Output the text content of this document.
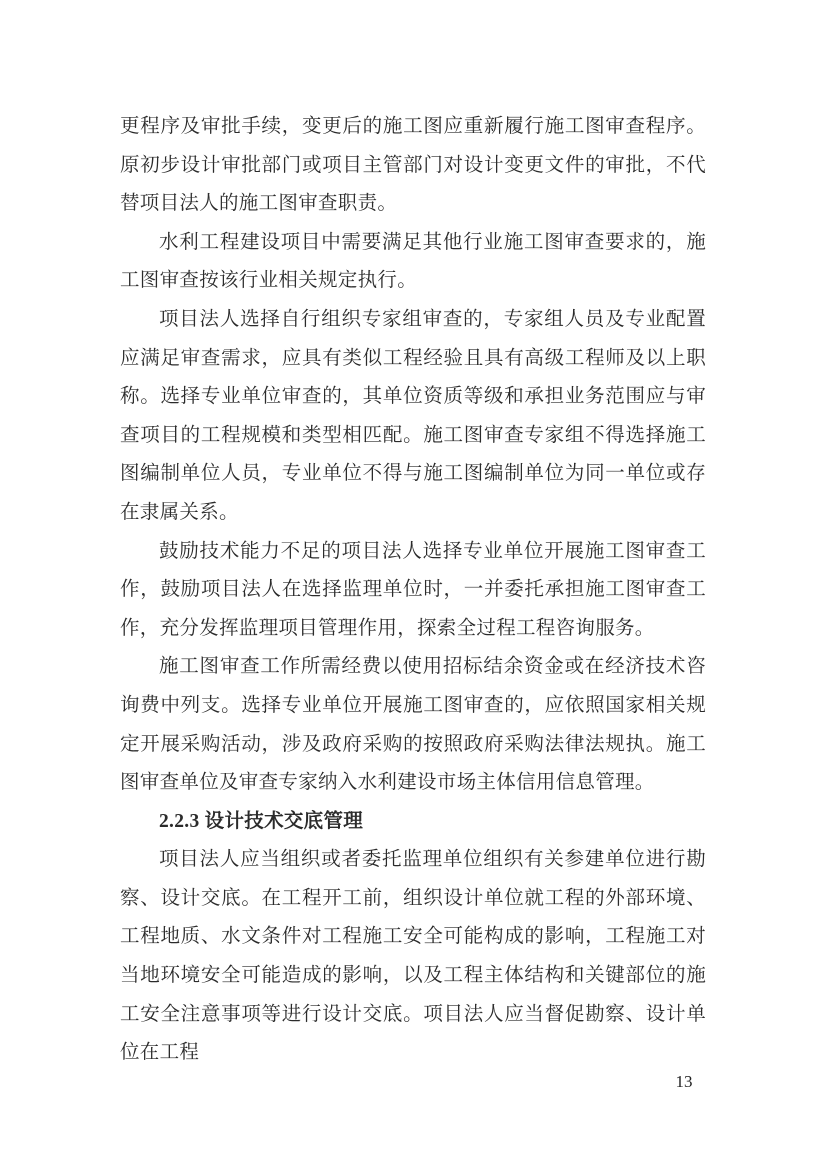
更程序及审批手续，变更后的施工图应重新履行施工图审查程序。原初步设计审批部门或项目主管部门对设计变更文件的审批，不代替项目法人的施工图审查职责。

水利工程建设项目中需要满足其他行业施工图审查要求的，施工图审查按该行业相关规定执行。

项目法人选择自行组织专家组审查的，专家组人员及专业配置应满足审查需求，应具有类似工程经验且具有高级工程师及以上职称。选择专业单位审查的，其单位资质等级和承担业务范围应与审查项目的工程规模和类型相匹配。施工图审查专家组不得选择施工图编制单位人员，专业单位不得与施工图编制单位为同一单位或存在隶属关系。

鼓励技术能力不足的项目法人选择专业单位开展施工图审查工作，鼓励项目法人在选择监理单位时，一并委托承担施工图审查工作，充分发挥监理项目管理作用，探索全过程工程咨询服务。

施工图审查工作所需经费以使用招标结余资金或在经济技术咨询费中列支。选择专业单位开展施工图审查的，应依照国家相关规定开展采购活动，涉及政府采购的按照政府采购法律法规执。施工图审查单位及审查专家纳入水利建设市场主体信用信息管理。

2.2.3 设计技术交底管理

项目法人应当组织或者委托监理单位组织有关参建单位进行勘察、设计交底。在工程开工前，组织设计单位就工程的外部环境、工程地质、水文条件对工程施工安全可能构成的影响，工程施工对当地环境安全可能造成的影响，以及工程主体结构和关键部位的施工安全注意事项等进行设计交底。项目法人应当督促勘察、设计单位在工程

13
